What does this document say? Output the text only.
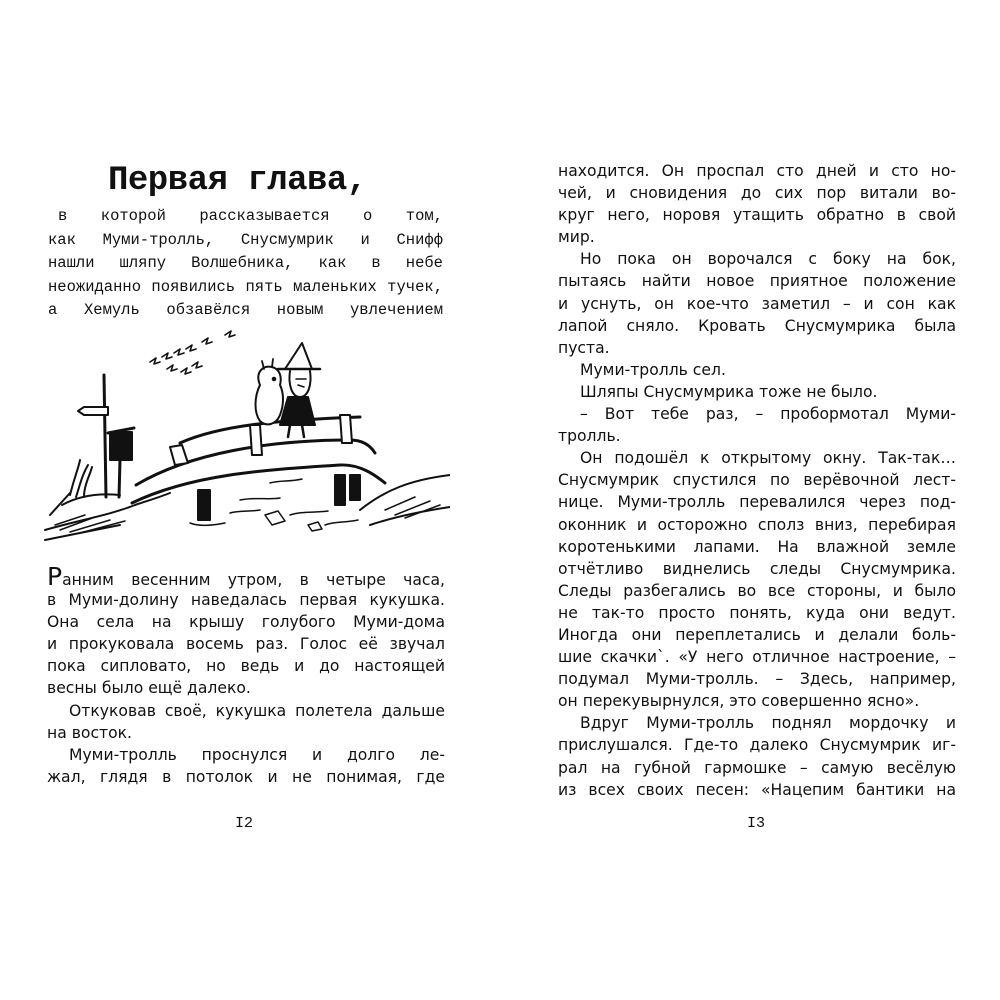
Первая глава,
в которой рассказывается о том,
как Муми-тролль, Снусмумрик и Снифф
нашли шляпу Волшебника, как в небе
неожиданно появились пять маленьких тучек,
а Хемуль обзавёлся новым увлечением
Ранним весенним утром, в четыре часа,
в Муми-долину наведалась первая кукушка.
Она села на крышу голубого Муми-дома
и прокуковала восемь раз. Голос её звучал
пока сипловато, но ведь и до настоящей
весны было ещё далеко.
Откуковав своё, кукушка полетела дальше
на восток.
Муми-тролль проснулся и долго ле-
жал, глядя в потолок и не понимая, где
I2
находится. Он проспал сто дней и сто но-
чей, и сновидения до сих пор витали во-
круг него, норовя утащить обратно в свой
мир.
Но пока он ворочался с боку на бок,
пытаясь найти новое приятное положение
и уснуть, он кое-что заметил – и сон как
лапой сняло. Кровать Снусмумрика была
пуста.
Муми-тролль сел.
Шляпы Снусмумрика тоже не было.
– Вот тебе раз, – пробормотал Муми-
тролль.
Он подошёл к открытому окну. Так-так…
Снусмумрик спустился по верёвочной лест-
нице. Муми-тролль перевалился через под-
оконник и осторожно сполз вниз, перебирая
коротенькими лапами. На влажной земле
отчётливо виднелись следы Снусмумрика.
Следы разбегались во все стороны, и было
не так-то просто понять, куда они ведут.
Иногда они переплетались и делали боль-
шие скачки`. «У него отличное настроение, –
подумал Муми-тролль. – Здесь, например,
он перекувырнулся, это совершенно ясно».
Вдруг Муми-тролль поднял мордочку и
прислушался. Где-то далеко Снусмумрик иг-
рал на губной гармошке – самую весёлую
из всех своих песен: «Нацепим бантики на
I3
